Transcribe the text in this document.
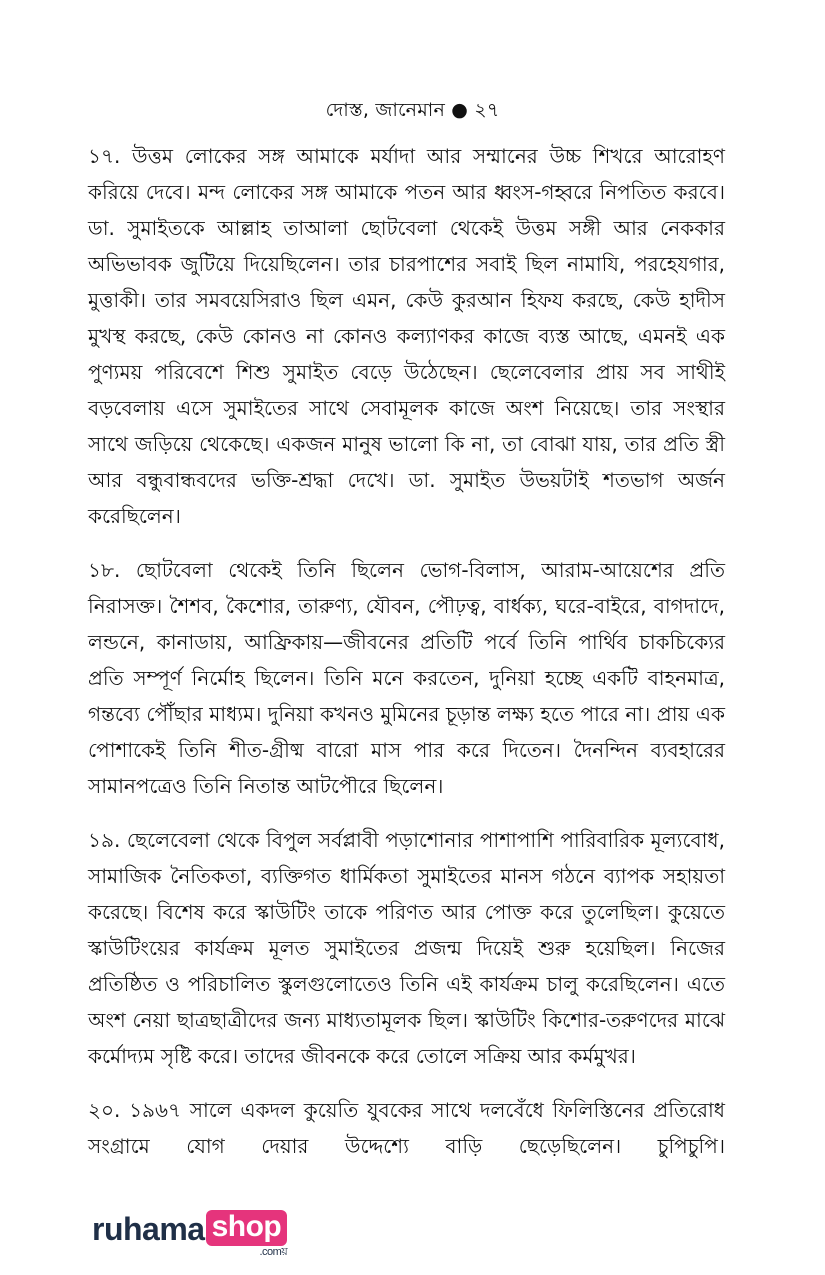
দোস্ত, জানেমান ● ২৭

১৭. উত্তম লোকের সঙ্গ আমাকে মর্যাদা আর সম্মানের উচ্চ শিখরে আরোহণ করিয়ে দেবে। মন্দ লোকের সঙ্গ আমাকে পতন আর ধ্বংস-গহ্বরে নিপতিত করবে। ডা. সুমাইতকে আল্লাহ তাআলা ছোটবেলা থেকেই উত্তম সঙ্গী আর নেককার অভিভাবক জুটিয়ে দিয়েছিলেন। তার চারপাশের সবাই ছিল নামাযি, পরহেযগার, মুত্তাকী। তার সমবয়েসিরাও ছিল এমন, কেউ কুরআন হিফয করছে, কেউ হাদীস মুখস্থ করছে, কেউ কোনও না কোনও কল্যাণকর কাজে ব্যস্ত আছে, এমনই এক পুণ্যময় পরিবেশে শিশু সুমাইত বেড়ে উঠেছেন। ছেলেবেলার প্রায় সব সাথীই বড়বেলায় এসে সুমাইতের সাথে সেবামূলক কাজে অংশ নিয়েছে। তার সংস্থার সাথে জড়িয়ে থেকেছে। একজন মানুষ ভালো কি না, তা বোঝা যায়, তার প্রতি স্ত্রী আর বন্ধুবান্ধবদের ভক্তি-শ্রদ্ধা দেখে। ডা. সুমাইত উভয়টাই শতভাগ অর্জন করেছিলেন।

১৮. ছোটবেলা থেকেই তিনি ছিলেন ভোগ-বিলাস, আরাম-আয়েশের প্রতি নিরাসক্ত। শৈশব, কৈশোর, তারুণ্য, যৌবন, পৌঢ়ত্ব, বার্ধক্য, ঘরে-বাইরে, বাগদাদে, লন্ডনে, কানাডায়, আফ্রিকায়—জীবনের প্রতিটি পর্বে তিনি পার্থিব চাকচিক্যের প্রতি সম্পূর্ণ নির্মোহ ছিলেন। তিনি মনে করতেন, দুনিয়া হচ্ছে একটি বাহনমাত্র, গন্তব্যে পৌঁছার মাধ্যম। দুনিয়া কখনও মুমিনের চূড়ান্ত লক্ষ্য হতে পারে না। প্রায় এক পোশাকেই তিনি শীত-গ্রীষ্ম বারো মাস পার করে দিতেন। দৈনন্দিন ব্যবহারের সামানপত্রেও তিনি নিতান্ত আটপৌরে ছিলেন।

১৯. ছেলেবেলা থেকে বিপুল সর্বপ্লাবী পড়াশোনার পাশাপাশি পারিবারিক মূল্যবোধ, সামাজিক নৈতিকতা, ব্যক্তিগত ধার্মিকতা সুমাইতের মানস গঠনে ব্যাপক সহায়তা করেছে। বিশেষ করে স্কাউটিং তাকে পরিণত আর পোক্ত করে তুলেছিল। কুয়েতে স্কাউটিংয়ের কার্যক্রম মূলত সুমাইতের প্রজন্ম দিয়েই শুরু হয়েছিল। নিজের প্রতিষ্ঠিত ও পরিচালিত স্কুলগুলোতেও তিনি এই কার্যক্রম চালু করেছিলেন। এতে অংশ নেয়া ছাত্রছাত্রীদের জন্য মাধ্যতামূলক ছিল। স্কাউটিং কিশোর-তরুণদের মাঝে কর্মোদ্যম সৃষ্টি করে। তাদের জীবনকে করে তোলে সক্রিয় আর কর্মমুখর।

২০. ১৯৬৭ সালে একদল কুয়েতি যুবকের সাথে দলবেঁধে ফিলিস্তিনের প্রতিরোধ সংগ্রামে যোগ দেয়ার উদ্দেশ্যে বাড়ি ছেড়েছিলেন। চুপিচুপি।

ruhama shop
.comয়
